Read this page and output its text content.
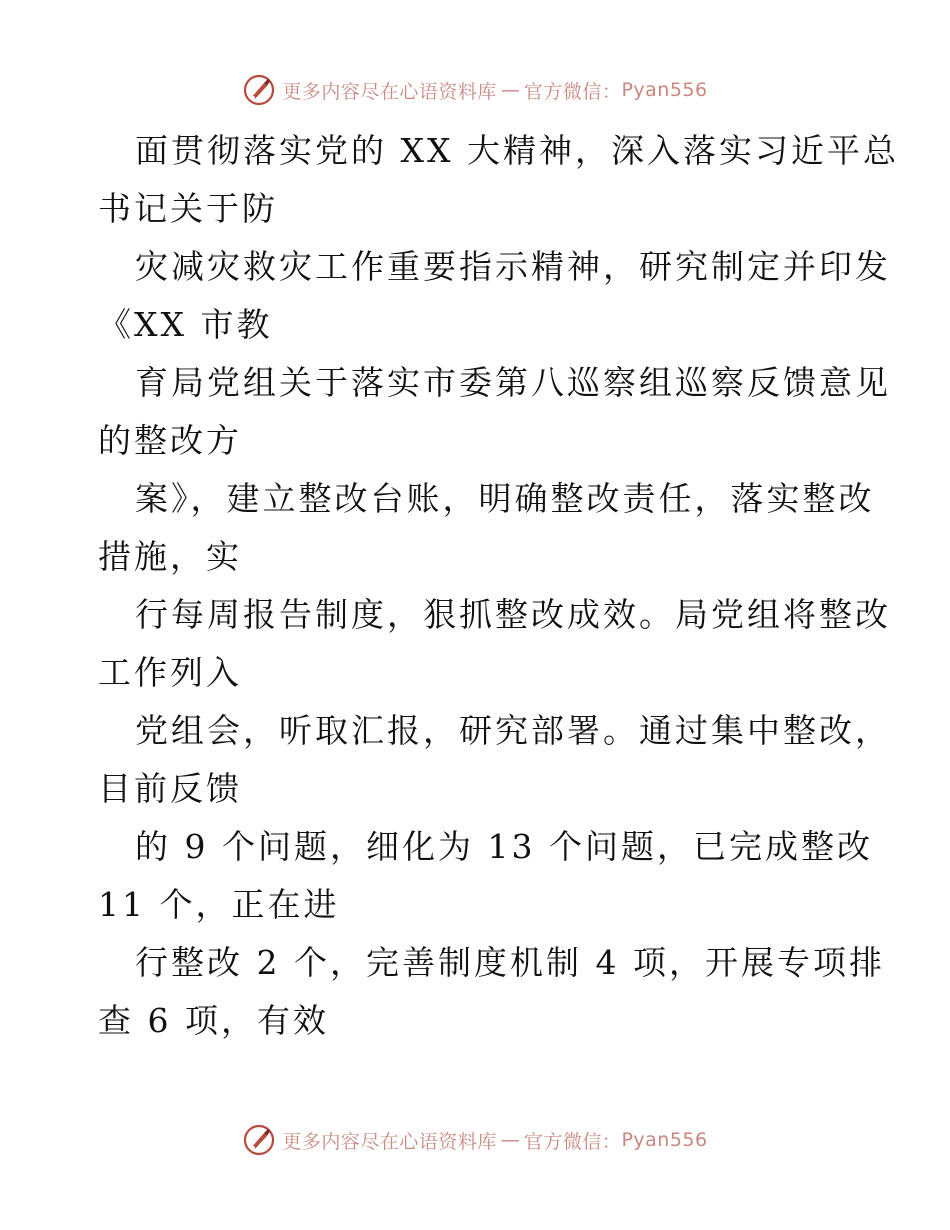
更多内容尽在心语资料库 — 官方微信： Pyan556
面贯彻落实党的 XX 大精神，深入落实习近平总
书记关于防
灾减灾救灾工作重要指示精神，研究制定并印发
《XX 市教
育局党组关于落实市委第八巡察组巡察反馈意见
的整改方
案》，建立整改台账，明确整改责任，落实整改
措施，实
行每周报告制度，狠抓整改成效。局党组将整改
工作列入
党组会，听取汇报，研究部署。通过集中整改，
目前反馈
的 9 个问题，细化为 13 个问题，已完成整改
11 个，正在进
行整改 2 个，完善制度机制 4 项，开展专项排
查 6 项，有效
更多内容尽在心语资料库 — 官方微信： Pyan556
